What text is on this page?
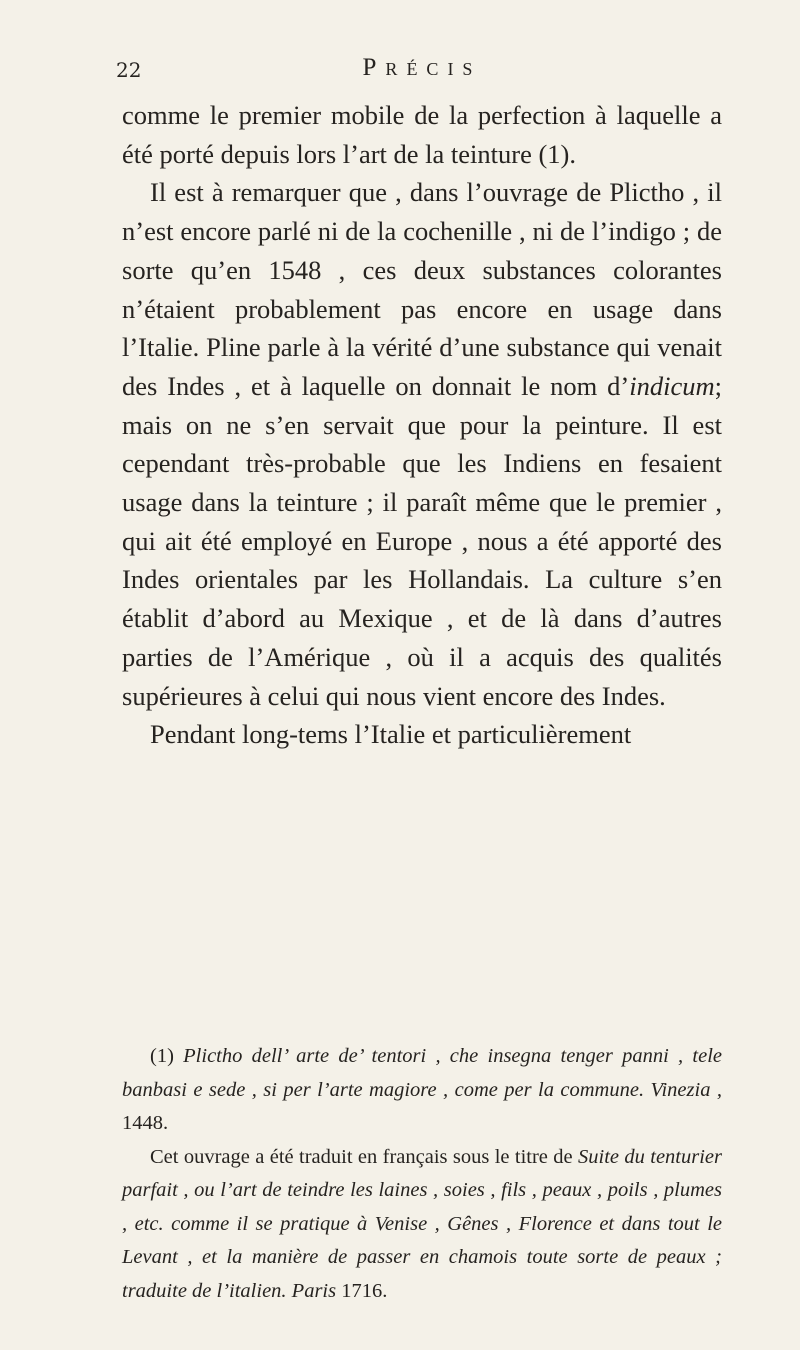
22	Précis

comme le premier mobile de la perfection à laquelle a été porté depuis lors l’art de la teinture (1).

Il est à remarquer que , dans l’ouvrage de Plictho , il n’est encore parlé ni de la cochenille , ni de l’indigo ; de sorte qu’en 1548 , ces deux substances colorantes n’étaient probablement pas encore en usage dans l’Italie. Pline parle à la vérité d’une substance qui venait des Indes , et à laquelle on donnait le nom d’indicum; mais on ne s’en servait que pour la peinture. Il est cependant très-probable que les Indiens en fesaient usage dans la teinture ; il paraît même que le premier , qui ait été employé en Europe , nous a été apporté des Indes orientales par les Hollandais. La culture s’en établit d’abord au Mexique , et de là dans d’autres parties de l’Amérique , où il a acquis des qualités supérieures à celui qui nous vient encore des Indes.

Pendant long-tems l’Italie et particulièrement

(1) Plictho dell’ arte de’ tentori , che insegna tenger panni , tele banbasi e sede , si per l’arte magiore , come per la commune. Vinezia , 1448.

Cet ouvrage a été traduit en français sous le titre de Suite du tenturier parfait , ou l’art de teindre les laines , soies , fils , peaux , poils , plumes , etc. comme il se pratique à Venise , Gênes , Florence et dans tout le Levant , et la manière de passer en chamois toute sorte de peaux ; traduite de l’italien. Paris 1716.
